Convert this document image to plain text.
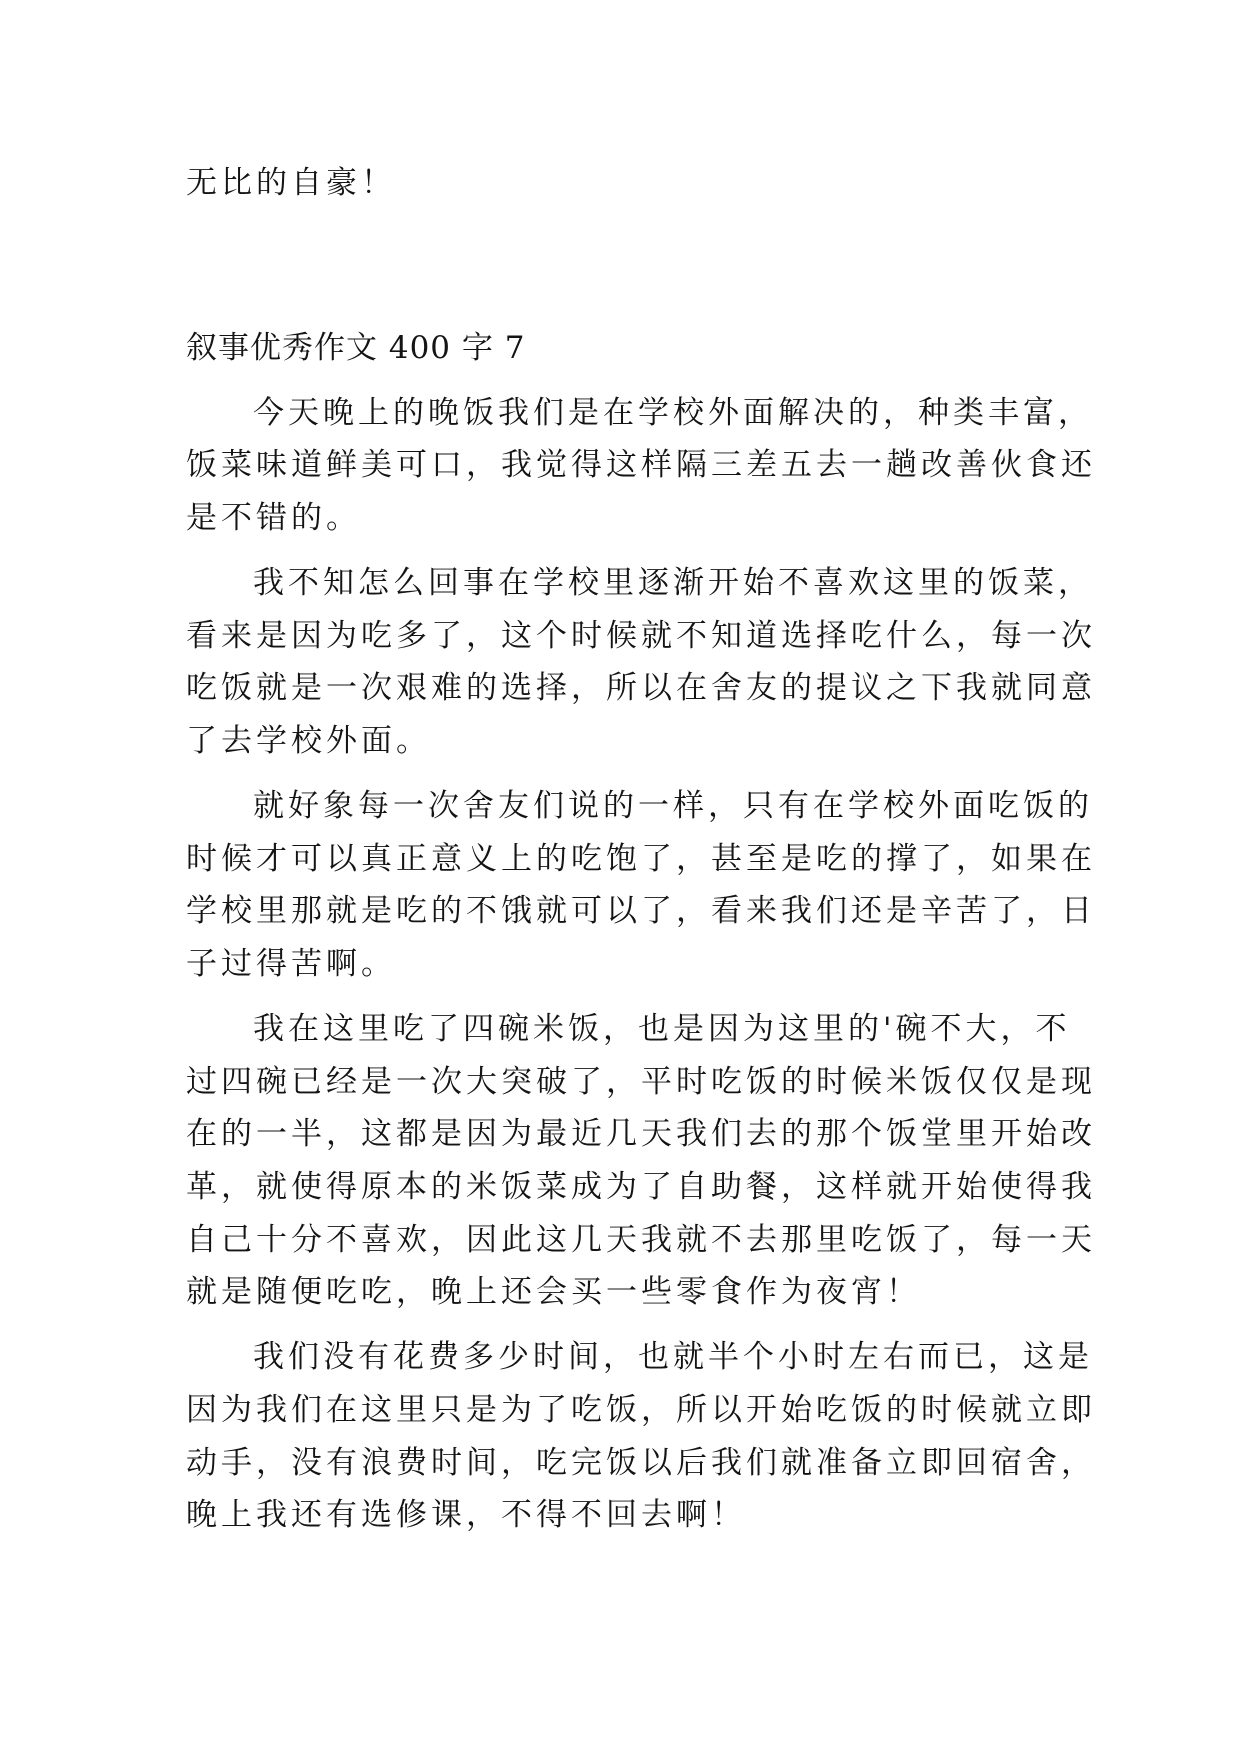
无比的自豪！

叙事优秀作文 400 字 7

今天晚上的晚饭我们是在学校外面解决的，种类丰富，

饭菜味道鲜美可口，我觉得这样隔三差五去一趟改善伙食还

是不错的。

我不知怎么回事在学校里逐渐开始不喜欢这里的饭菜，

看来是因为吃多了，这个时候就不知道选择吃什么，每一次

吃饭就是一次艰难的选择，所以在舍友的提议之下我就同意

了去学校外面。

就好象每一次舍友们说的一样，只有在学校外面吃饭的

时候才可以真正意义上的吃饱了，甚至是吃的撑了，如果在

学校里那就是吃的不饿就可以了，看来我们还是辛苦了，日

子过得苦啊。

我在这里吃了四碗米饭，也是因为这里的'碗不大，不

过四碗已经是一次大突破了，平时吃饭的时候米饭仅仅是现

在的一半，这都是因为最近几天我们去的那个饭堂里开始改

革，就使得原本的米饭菜成为了自助餐，这样就开始使得我

自己十分不喜欢，因此这几天我就不去那里吃饭了，每一天

就是随便吃吃，晚上还会买一些零食作为夜宵！

我们没有花费多少时间，也就半个小时左右而已，这是

因为我们在这里只是为了吃饭，所以开始吃饭的时候就立即

动手，没有浪费时间，吃完饭以后我们就准备立即回宿舍，

晚上我还有选修课，不得不回去啊！
